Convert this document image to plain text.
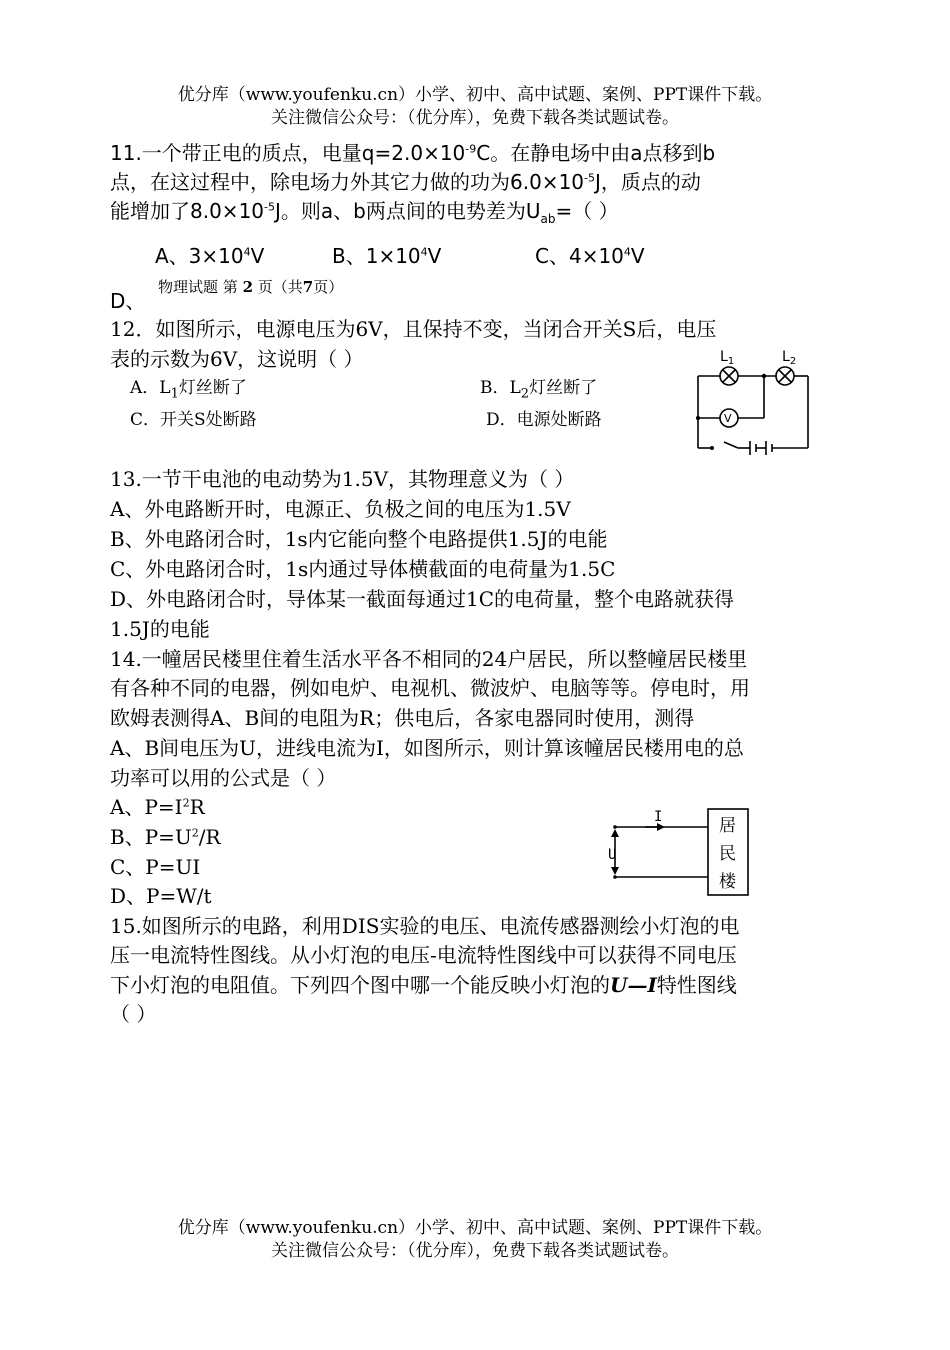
优分库（www.youfenku.cn）小学、初中、高中试题、案例、PPT课件下载。
关注微信公众号：（优分库），免费下载各类试题试卷。
11.一个带正电的质点，电量$q=2.0\times 10^{-9}C$。在静电场中由a点移到b
点，在这过程中，除电场力外其它力做的功为$6.0\times 10^{-5}J$，质点的动
能增加了$8.0\times 10^{-5}J$。则a、b两点间的电势差为$U_{ab}=$（ ）
A、$3\times 10^4V$	B、$1\times 10^4V$	C、$4\times 10^4V$
D、
物理试题 第 2 页（共7页）
12．如图所示，电源电压为6V，且保持不变，当闭合开关S后，电压
表的示数为6V，这说明（ ）
A．$L_1$灯丝断了	B．$L_2$灯丝断了
C．开关S处断路	D．电源处断路	V
$L_1$	$L_2$
13.一节干电池的电动势为1.5V，其物理意义为（ ）
A、外电路断开时，电源正、负极之间的电压为1.5V
B、外电路闭合时，1s内它能向整个电路提供1.5J的电能
C、外电路闭合时，1s内通过导体横截面的电荷量为1.5C
D、外电路闭合时，导体某一截面每通过1C的电荷量，整个电路就获得
1.5J的电能
14.一幢居民楼里住着生活水平各不相同的24户居民，所以整幢居民楼里
有各种不同的电器，例如电炉、电视机、微波炉、电脑等等。停电时，用
欧姆表测得A、B间的电阻为R；供电后，各家电器同时使用，测得
A、B间电压为U，进线电流为I，如图所示，则计算该幢居民楼用电的总
功率可以用的公式是（ ）
A、$P=I^2R$
B、$P=U^2/R$
C、P=UI
D、P=W/t
I
U
居
民
楼
15.如图所示的电路，利用DIS实验的电压、电流传感器测绘小灯泡的电
压一电流特性图线。从小灯泡的电压-电流特性图线中可以获得不同电压
下小灯泡的电阻值。下列四个图中哪一个能反映小灯泡的U—I特性图线
（ ）
优分库（www.youfenku.cn）小学、初中、高中试题、案例、PPT课件下载。
关注微信公众号：（优分库），免费下载各类试题试卷。
